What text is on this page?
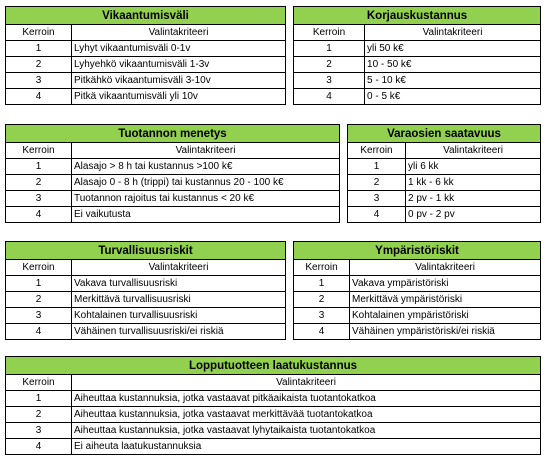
Vikaantumisväli			Korjauskustannus	
Kerroin	Valintakriteeri		Kerroin	Valintakriteeri
1	Lyhyt vikaantumisväli 0-1v		1	yli 50 k€
2	Lyhyehkö vikaantumisväli 1-3v		2	10 - 50 k€
3	Pitkähkö vikaantumisväli 3-10v		3	5 - 10 k€
4	Pitkä vikaantumisväli yli 10v		4	0 - 5 k€
Tuotannon menetys			Varaosien saatavuus	
Kerroin	Valintakriteeri		Kerroin	Valintakriteeri
1	Alasajo > 8 h tai kustannus >100 k€		1	yli 6 kk
2	Alasajo 0 - 8 h (trippi) tai kustannus 20 - 100 k€		2	1 kk - 6 kk
3	Tuotannon rajoitus tai kustannus < 20 k€		3	2 pv - 1 kk
4	Ei vaikutusta		4	0 pv - 2 pv
Turvallisuusriskit			Ympäristöriskit	
Kerroin	Valintakriteeri		Kerroin	Valintakriteeri
1	Vakava turvallisuusriski		1	Vakava ympäristöriski
2	Merkittävä turvallisuusriski		2	Merkittävä ympäristöriski
3	Kohtalainen turvallisuusriski		3	Kohtalainen ympäristöriski
4	Vähäinen turvallisuusriski/ei riskiä		4	Vähäinen ympäristöriski/ei riskiä
Lopputuotteen laatukustannus	
Kerroin	Valintakriteeri
1	Aiheuttaa kustannuksia, jotka vastaavat pitkäaikaista tuotantokatkoa
2	Aiheuttaa kustannuksia, jotka vastaavat merkittävää tuotantokatkoa
3	Aiheuttaa kustannuksia, jotka vastaavat lyhytaikaista tuotantokatkoa
4	Ei aiheuta laatukustannuksia
